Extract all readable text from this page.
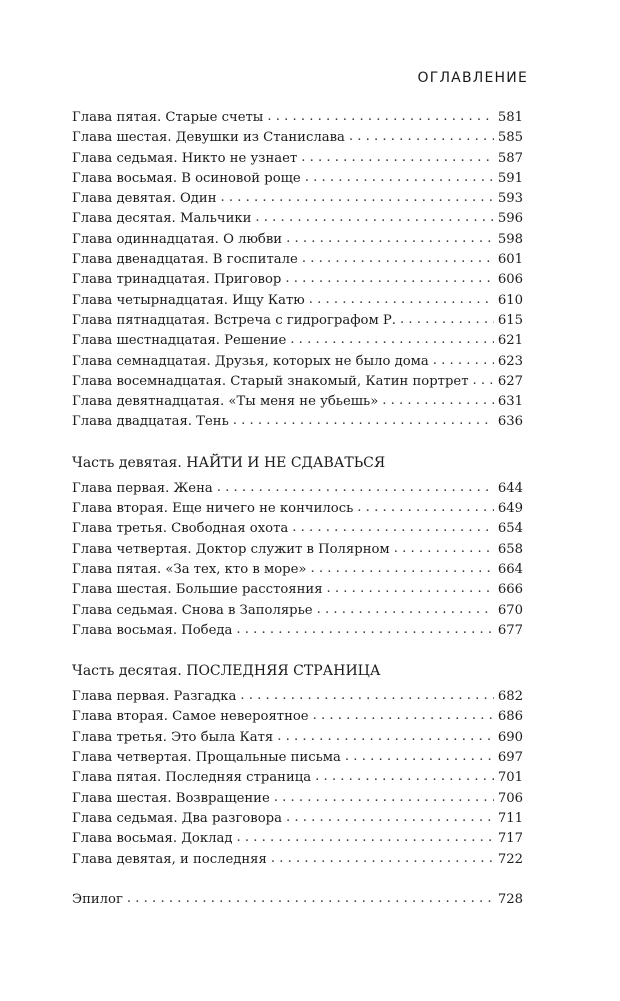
ОГЛАВЛЕНИЕ
Глава пятая. Старые счеты . . .	581
Глава шестая. Девушки из Станислава . . .	585
Глава седьмая. Никто не узнает . . .	587
Глава восьмая. В осиновой роще . . .	591
Глава девятая. Один . . .	593
Глава десятая. Мальчики . . .	596
Глава одиннадцатая. О любви . . .	598
Глава двенадцатая. В госпитале . . .	601
Глава тринадцатая. Приговор . . .	606
Глава четырнадцатая. Ищу Катю . . .	610
Глава пятнадцатая. Встреча с гидрографом Р. . . .	615
Глава шестнадцатая. Решение . . .	621
Глава семнадцатая. Друзья, которых не было дома . . .	623
Глава восемнадцатая. Старый знакомый, Катин портрет . . . 627
Глава девятнадцатая. «Ты меня не убьешь» . . .	631
Глава двадцатая. Тень . . .	636
Часть девятая. НАЙТИ И НЕ СДАВАТЬСЯ
Глава первая. Жена . . .	644
Глава вторая. Еще ничего не кончилось . . .	649
Глава третья. Свободная охота . . .	654
Глава четвертая. Доктор служит в Полярном . . .	658
Глава пятая. «За тех, кто в море» . . .	664
Глава шестая. Большие расстояния . . .	666
Глава седьмая. Снова в Заполярье . . .	670
Глава восьмая. Победа . . .	677
Часть десятая. ПОСЛЕДНЯЯ СТРАНИЦА
Глава первая. Разгадка . . .	682
Глава вторая. Самое невероятное . . .	686
Глава третья. Это была Катя . . .	690
Глава четвертая. Прощальные письма . . .	697
Глава пятая. Последняя страница . . .	701
Глава шестая. Возвращение . . .	706
Глава седьмая. Два разговора . . .	711
Глава восьмая. Доклад . . .	717
Глава девятая, и последняя . . .	722
Эпилог . . .	728
